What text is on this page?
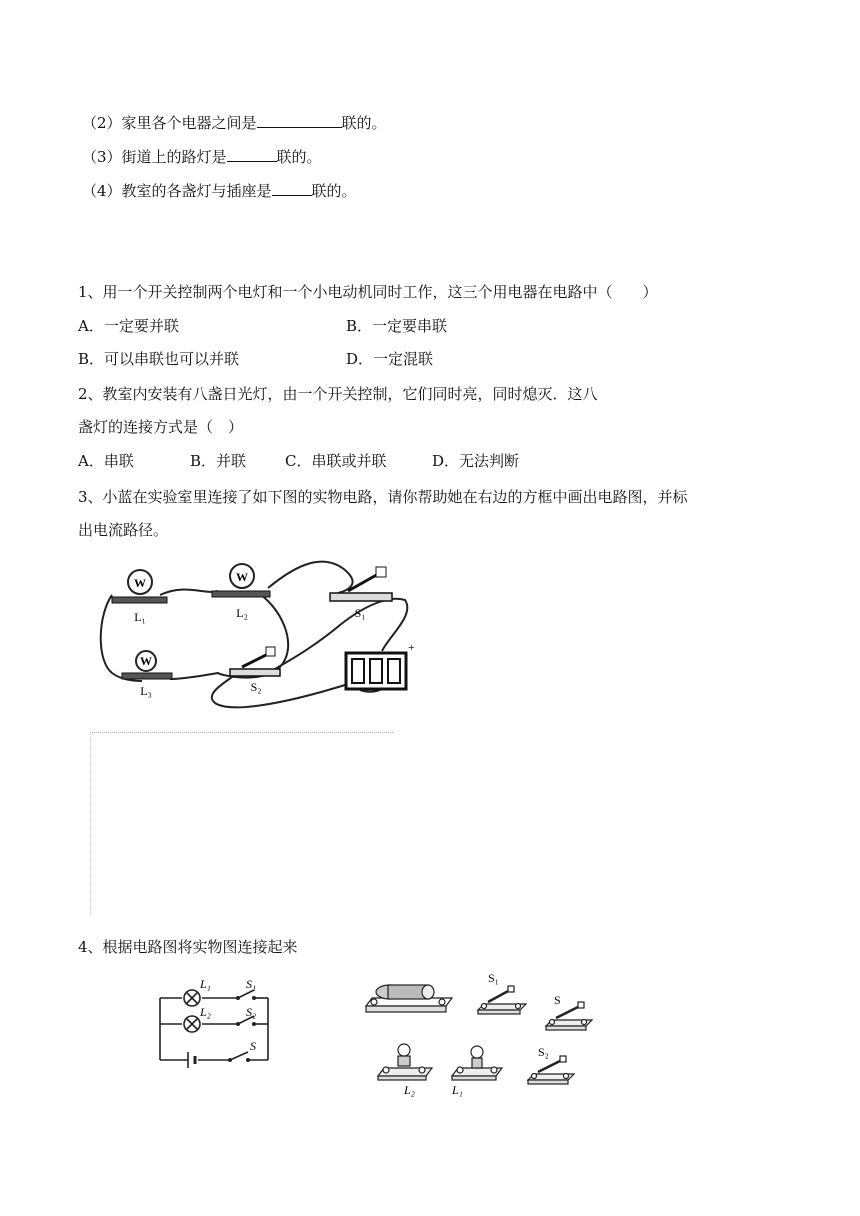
（2）家里各个电器之间是	联的。
（3）街道上的路灯是	联的。
（4）教室的各盏灯与插座是	联的。
1、用一个开关控制两个电灯和一个小电动机同时工作，这三个用电器在电路中（　　）
A．一定要并联	B．一定要串联
B．可以串联也可以并联	D．一定混联
2、教室内安装有八盏日光灯，由一个开关控制，它们同时亮，同时熄灭．这八
盏灯的连接方式是（　）
A．串联	B．并联	C．串联或并联	D．无法判断
3、小蓝在实验室里连接了如下图的实物电路，请你帮助她在右边的方框中画出电路图，并标
出电流路径。
W
L₁
W
L₂	S₁
W
L₃	S₂
+
4、根据电路图将实物图连接起来
L₁
L₂
S₁
S₂
S
S₁
S
L₂	L₁
S₂
